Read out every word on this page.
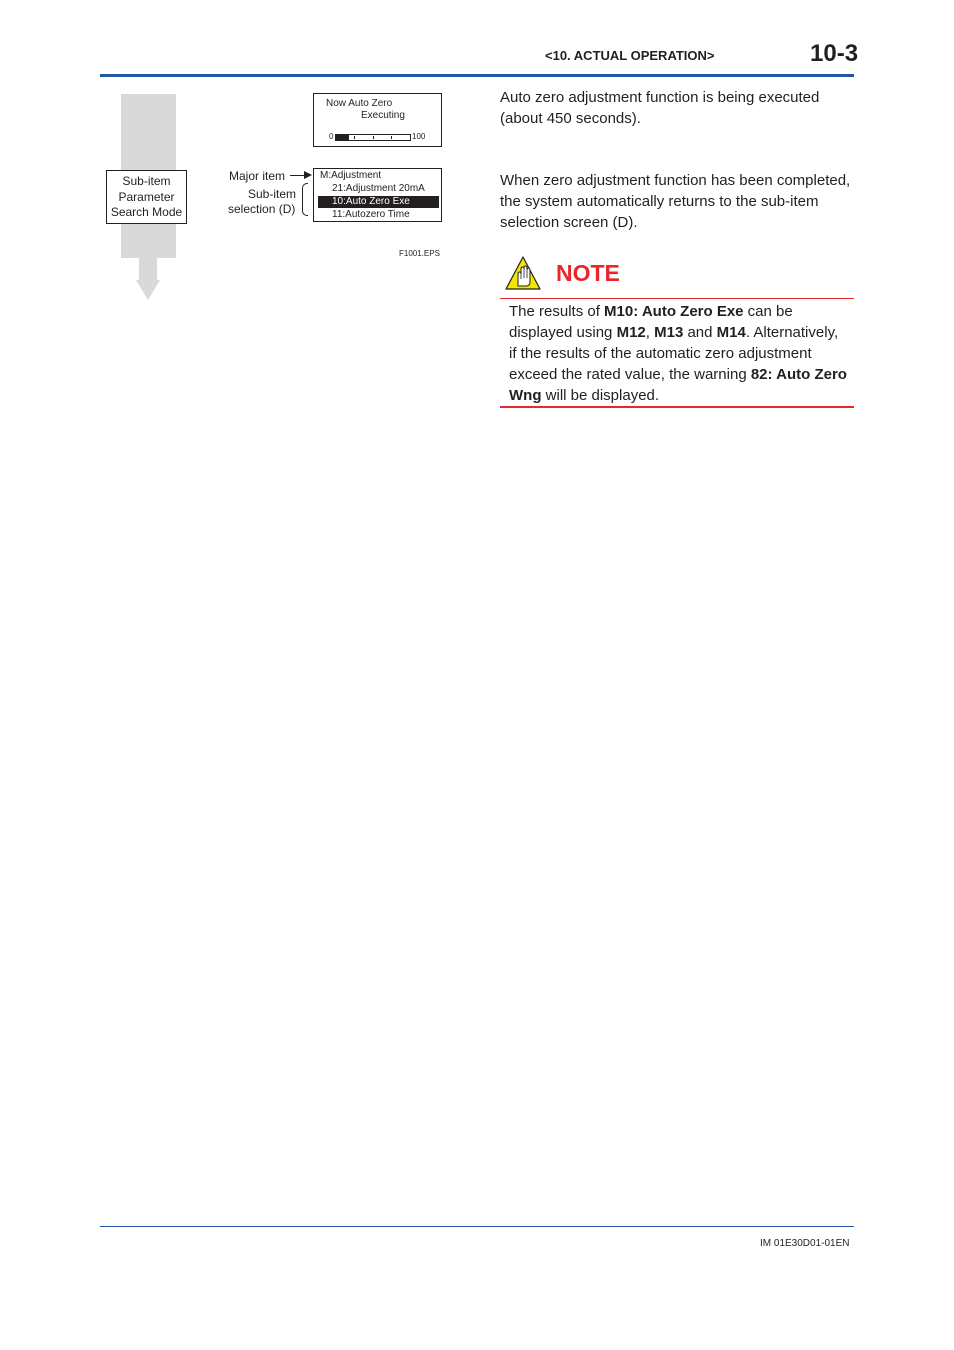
<10. ACTUAL OPERATION>	10-3
Sub-item
Parameter
Search Mode
Now Auto Zero
Executing
0	100
M:Adjustment
21:Adjustment 20mA
10:Auto Zero Exe
11:Autozero Time
Major item
Sub-item
selection (D)
F1001.EPS
Auto zero adjustment function is being executed (about 450 seconds).
When zero adjustment function has been completed, the system automatically returns to the sub-item selection screen (D).
NOTE
The results of M10: Auto Zero Exe can be displayed using M12, M13 and M14. Alternatively, if the results of the automatic zero adjustment exceed the rated value, the warning 82: Auto Zero Wng will be displayed.
IM 01E30D01-01EN
